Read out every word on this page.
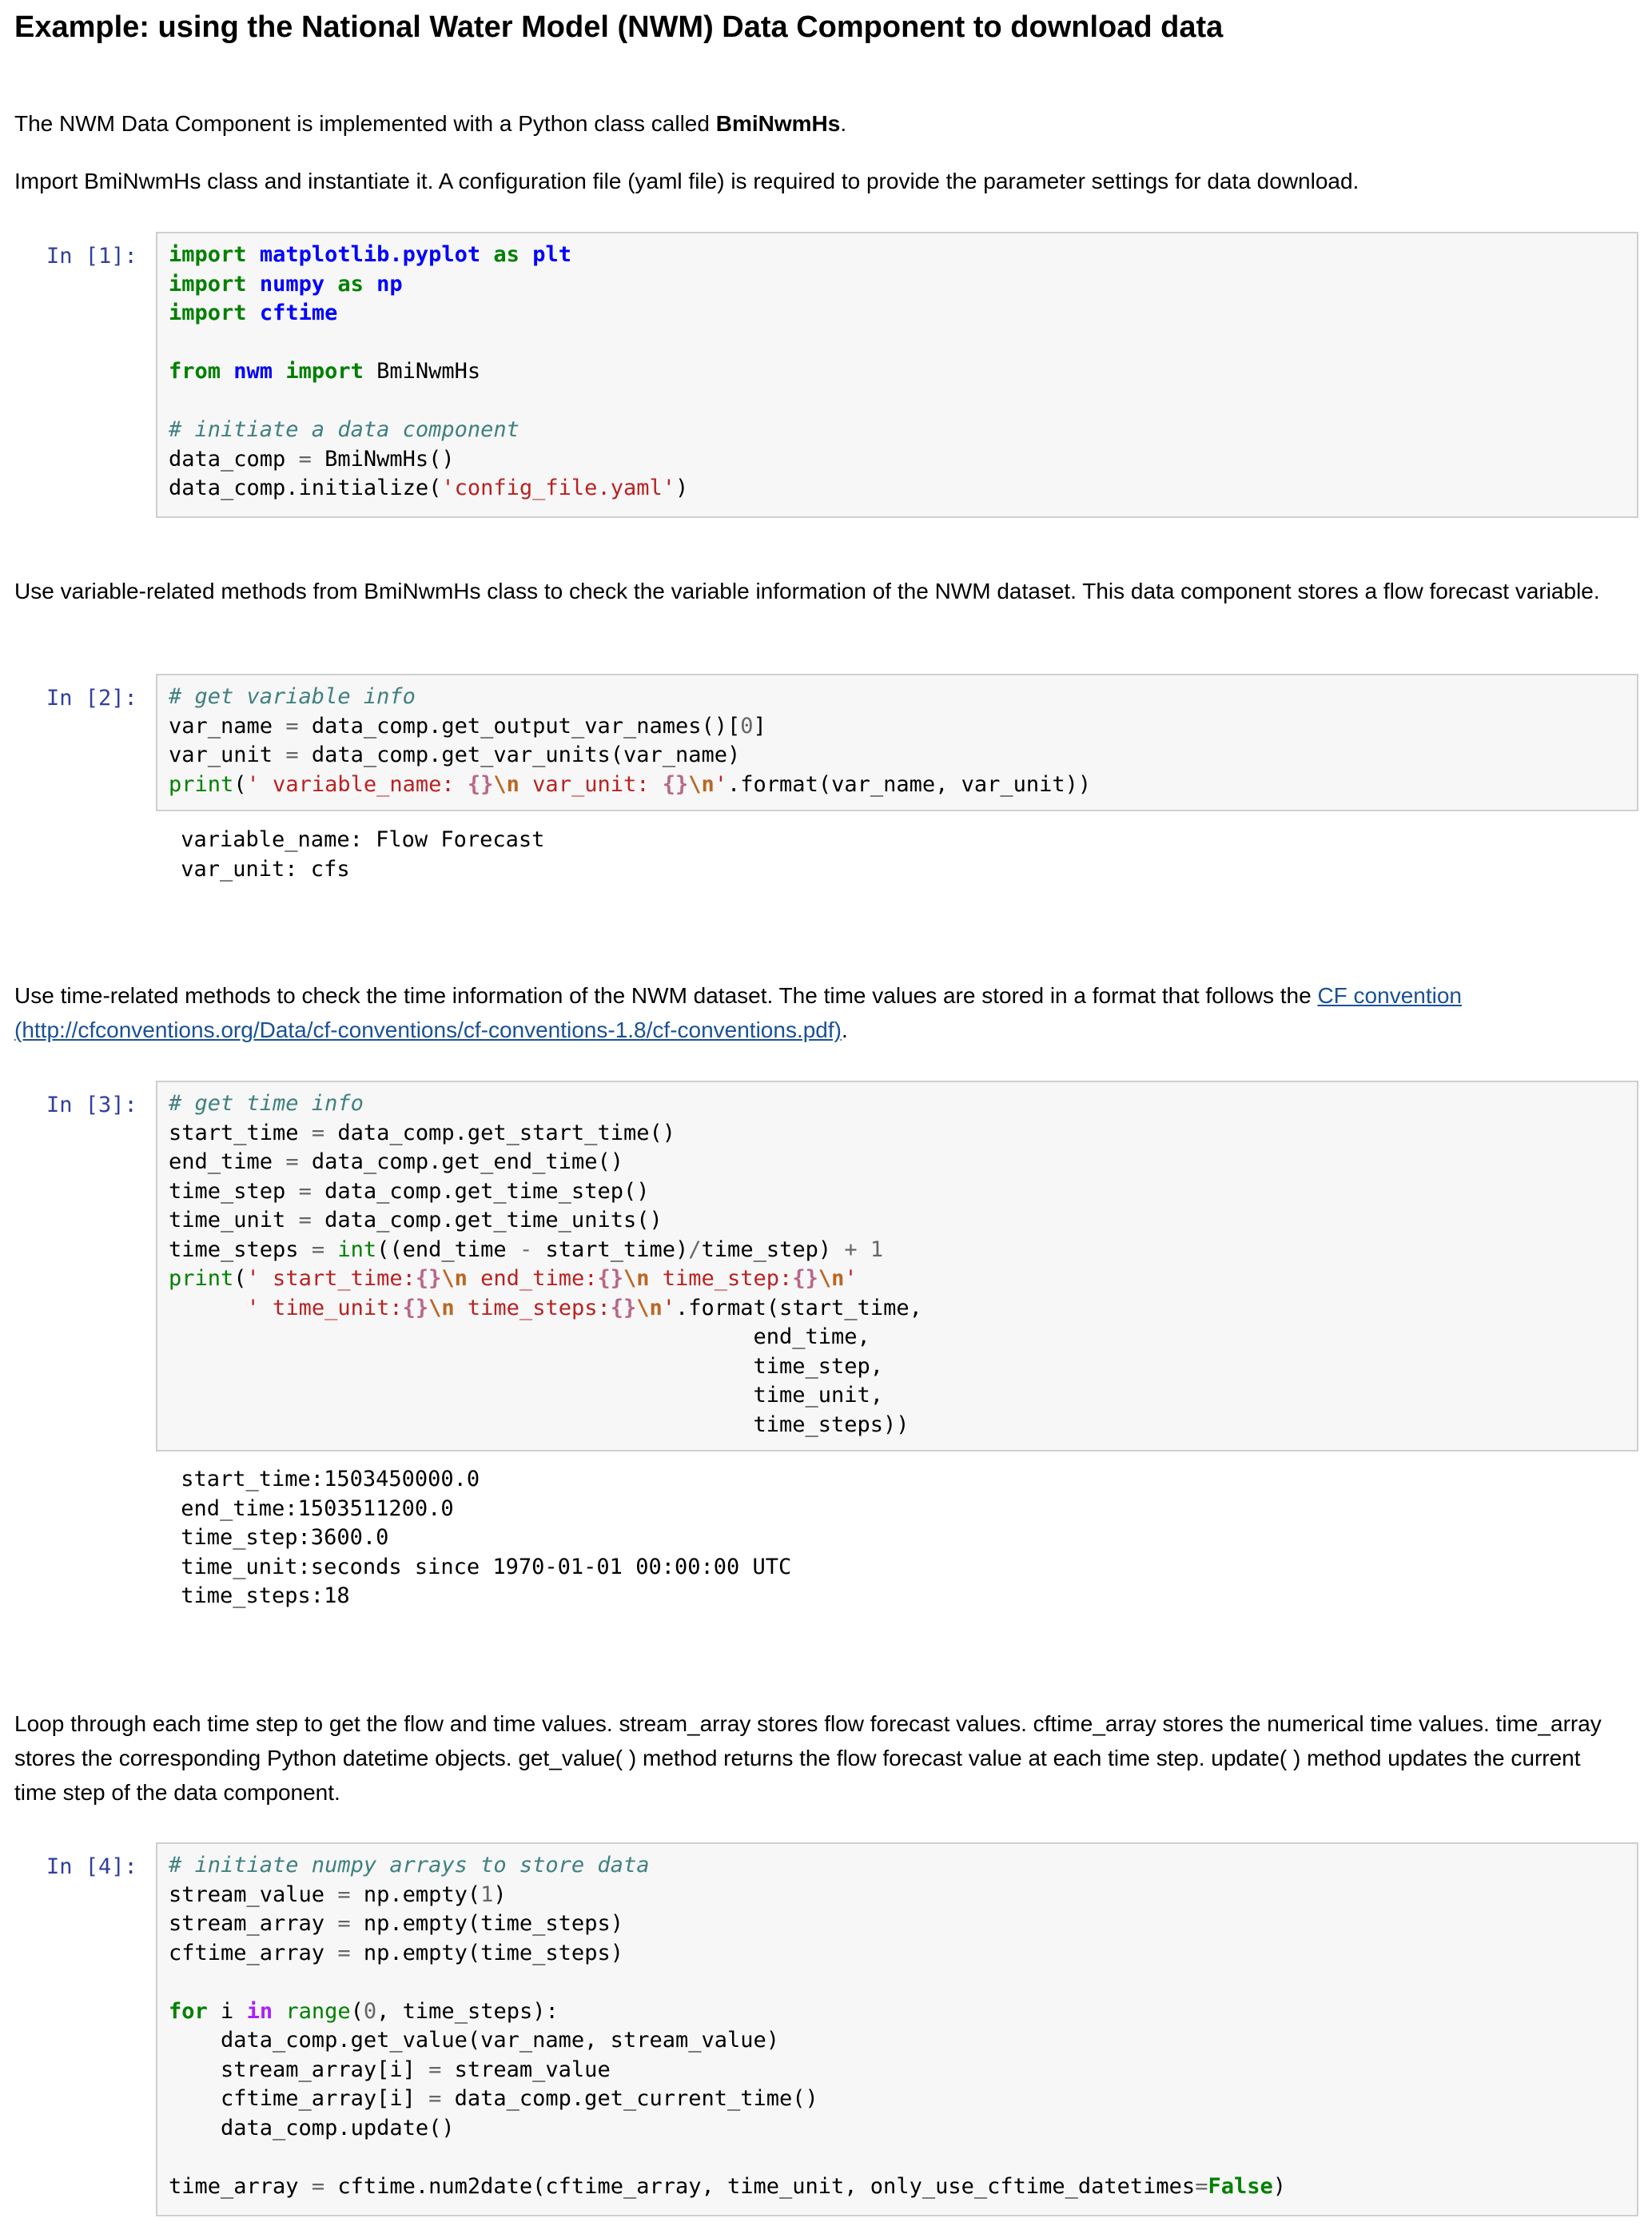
Example: using the National Water Model (NWM) Data Component to download data

The NWM Data Component is implemented with a Python class called BmiNwmHs.

Import BmiNwmHs class and instantiate it. A configuration file (yaml file) is required to provide the parameter settings for data download.

In [1]:	import matplotlib.pyplot as plt
import numpy as np
import cftime

from nwm import BmiNwmHs

# initiate a data component
data_comp = BmiNwmHs()
data_comp.initialize('config_file.yaml')

Use variable-related methods from BmiNwmHs class to check the variable information of the NWM dataset. This data component stores a flow forecast variable.

In [2]:	# get variable info
var_name = data_comp.get_output_var_names()[0]
var_unit = data_comp.get_var_units(var_name)
print(' variable_name: {}\n var_unit: {}\n'.format(var_name, var_unit))
variable_name: Flow Forecast
var_unit: cfs

Use time-related methods to check the time information of the NWM dataset. The time values are stored in a format that follows the CF convention (http://cfconventions.org/Data/cf-conventions/cf-conventions-1.8/cf-conventions.pdf).

In [3]:	# get time info
start_time = data_comp.get_start_time()
end_time = data_comp.get_end_time()
time_step = data_comp.get_time_step()
time_unit = data_comp.get_time_units()
time_steps = int((end_time - start_time)/time_step) + 1
print(' start_time:{}\n end_time:{}\n time_step:{}\n'
' time_unit:{}\n time_steps:{}\n'.format(start_time,
end_time,
time_step,
time_unit,
time_steps))
start_time:1503450000.0
end_time:1503511200.0
time_step:3600.0
time_unit:seconds since 1970-01-01 00:00:00 UTC
time_steps:18

Loop through each time step to get the flow and time values. stream_array stores flow forecast values. cftime_array stores the numerical time values. time_array stores the corresponding Python datetime objects. get_value( ) method returns the flow forecast value at each time step. update( ) method updates the current time step of the data component.

In [4]:	# initiate numpy arrays to store data
stream_value = np.empty(1)
stream_array = np.empty(time_steps)
cftime_array = np.empty(time_steps)

for i in range(0, time_steps):
data_comp.get_value(var_name, stream_value)
stream_array[i] = stream_value
cftime_array[i] = data_comp.get_current_time()
data_comp.update()

time_array = cftime.num2date(cftime_array, time_unit, only_use_cftime_datetimes=False)
